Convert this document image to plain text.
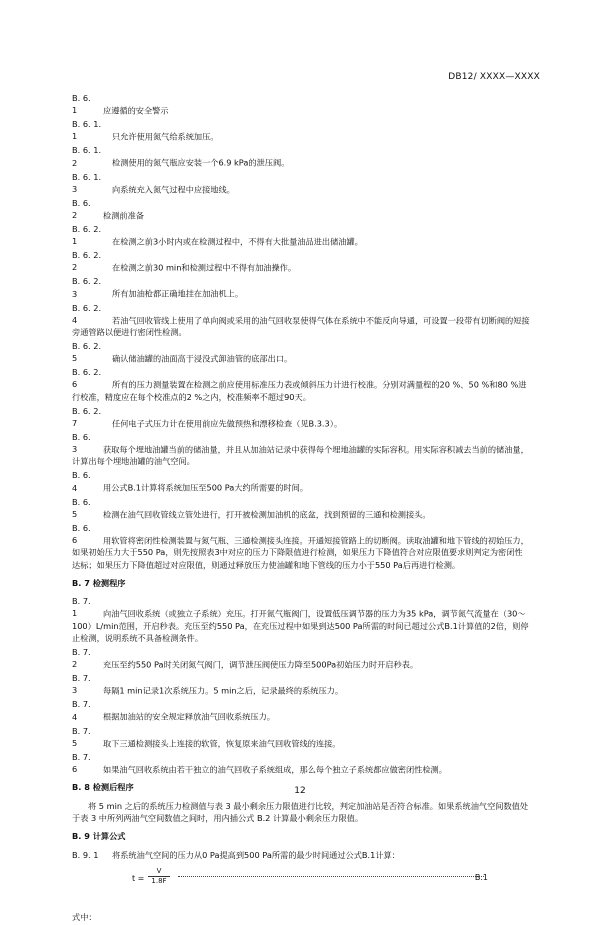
DB12/ XXXX—XXXX

B. 6. 1	应遵循的安全警示

B. 6. 1. 1	只允许使用氮气给系统加压。

B. 6. 1. 2	检测使用的氮气瓶应安装一个6.9 kPa的泄压阀。

B. 6. 1. 3	向系统充入氮气过程中应接地线。

B. 6. 2	检测前准备

B. 6. 2. 1	在检测之前3小时内或在检测过程中，不得有大批量油品进出储油罐。

B. 6. 2. 2	在检测之前30 min和检测过程中不得有加油操作。

B. 6. 2. 3	所有加油枪都正确地挂在加油机上。

B. 6. 2. 4	若油气回收管线上使用了单向阀或采用的油气回收泵使得气体在系统中不能反向导通，可设置一段带有切断阀的短接旁通管路以便进行密闭性检测。

B. 6. 2. 5	确认储油罐的油面高于浸没式卸油管的底部出口。

B. 6. 2. 6	所有的压力测量装置在检测之前应使用标准压力表或倾斜压力计进行校准。分别对满量程的20 %、50 %和80 %进行校准，精度应在每个校准点的2 %之内，校准频率不超过90天。

B. 6. 2. 7	任何电子式压力计在使用前应先做预热和漂移检查（见B.3.3）。

B. 6. 3	获取每个埋地油罐当前的储油量，并且从加油站记录中获得每个埋地油罐的实际容积。用实际容积减去当前的储油量，计算出每个埋地油罐的油气空间。

B. 6. 4	用公式B.1计算将系统加压至500 Pa大约所需要的时间。

B. 6. 5	检测在油气回收管线立管处进行，打开被检测加油机的底盆，找到预留的三通和检测接头。

B. 6. 6	用软管将密闭性检测装置与氮气瓶、三通检测接头连接。开通短接管路上的切断阀。读取油罐和地下管线的初始压力，如果初始压力大于550 Pa，则先按照表3中对应的压力下降限值进行检测，如果压力下降值符合对应限值要求则判定为密闭性达标；如果压力下降值超过对应限值，则通过释放压力使油罐和地下管线的压力小于550 Pa后再进行检测。

B. 7 检测程序

B. 7. 1	向油气回收系统（或独立子系统）充压。打开氮气瓶阀门，设置低压调节器的压力为35 kPa，调节氮气流量在（30～100）L/min范围，开启秒表。充压至约550 Pa，在充压过程中如果到达500 Pa所需的时间已超过公式B.1计算值的2倍，则停止检测，说明系统不具备检测条件。

B. 7. 2	充压至约550 Pa时关闭氮气阀门，调节泄压阀使压力降至500Pa初始压力时开启秒表。

B. 7. 3	每隔1 min记录1次系统压力。5 min之后，记录最终的系统压力。

B. 7. 4	根据加油站的安全规定释放油气回收系统压力。

B. 7. 5	取下三通检测接头上连接的软管，恢复原来油气回收管线的连接。

B. 7. 6	如果油气回收系统由若干独立的油气回收子系统组成，那么每个独立子系统都应做密闭性检测。

B. 8 检测后程序

将 5 min 之后的系统压力检测值与表 3 最小剩余压力限值进行比较，判定加油站是否符合标准。如果系统油气空间数值处于表 3 中所列两油气空间数值之间时，用内插公式 B.2 计算最小剩余压力限值。

B. 9 计算公式

B. 9. 1 将系统油气空间的压力从0 Pa提高到500 Pa所需的最少时间通过公式B.1计算：

$t = \frac{V}{1.8F}$	B.1

式中：

12
